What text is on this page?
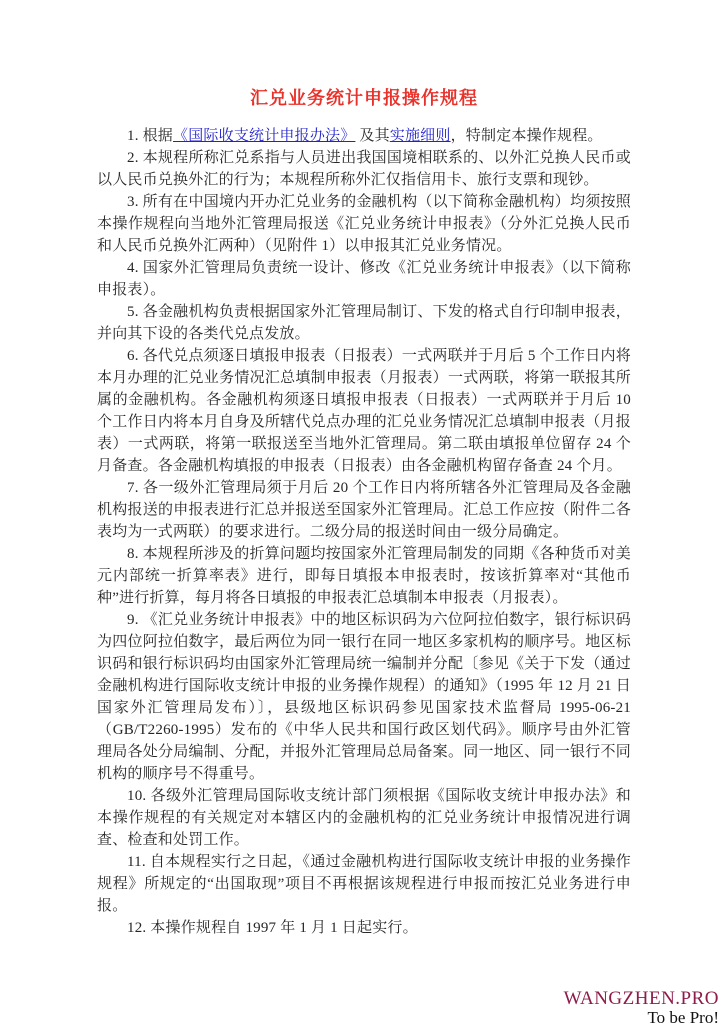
汇兑业务统计申报操作规程

1. 根据《国际收支统计申报办法》 及其实施细则，特制定本操作规程。

2. 本规程所称汇兑系指与人员进出我国国境相联系的、以外汇兑换人民币或以人民币兑换外汇的行为；本规程所称外汇仅指信用卡、旅行支票和现钞。

3. 所有在中国境内开办汇兑业务的金融机构（以下简称金融机构）均须按照本操作规程向当地外汇管理局报送《汇兑业务统计申报表》（分外汇兑换人民币和人民币兑换外汇两种）（见附件 1）以申报其汇兑业务情况。

4. 国家外汇管理局负责统一设计、修改《汇兑业务统计申报表》（以下简称申报表）。

5. 各金融机构负责根据国家外汇管理局制订、下发的格式自行印制申报表，并向其下设的各类代兑点发放。

6. 各代兑点须逐日填报申报表（日报表）一式两联并于月后 5 个工作日内将本月办理的汇兑业务情况汇总填制申报表（月报表）一式两联，将第一联报其所属的金融机构。各金融机构须逐日填报申报表（日报表）一式两联并于月后 10 个工作日内将本月自身及所辖代兑点办理的汇兑业务情况汇总填制申报表（月报表）一式两联，将第一联报送至当地外汇管理局。第二联由填报单位留存 24 个月备查。各金融机构填报的申报表（日报表）由各金融机构留存备查 24 个月。

7. 各一级外汇管理局须于月后 20 个工作日内将所辖各外汇管理局及各金融机构报送的申报表进行汇总并报送至国家外汇管理局。汇总工作应按（附件二各表均为一式两联）的要求进行。二级分局的报送时间由一级分局确定。

8. 本规程所涉及的折算问题均按国家外汇管理局制发的同期《各种货币对美元内部统一折算率表》进行，即每日填报本申报表时，按该折算率对“其他币种”进行折算，每月将各日填报的申报表汇总填制本申报表（月报表）。

9. 《汇兑业务统计申报表》中的地区标识码为六位阿拉伯数字，银行标识码为四位阿拉伯数字，最后两位为同一银行在同一地区多家机构的顺序号。地区标识码和银行标识码均由国家外汇管理局统一编制并分配〔参见《关于下发（通过金融机构进行国际收支统计申报的业务操作规程）的通知》（1995 年 12 月 21 日国家外汇管理局发布）〕，县级地区标识码参见国家技术监督局 1995-06-21（GB/T2260-1995）发布的《中华人民共和国行政区划代码》。顺序号由外汇管理局各处分局编制、分配，并报外汇管理局总局备案。同一地区、同一银行不同机构的顺序号不得重号。

10. 各级外汇管理局国际收支统计部门须根据《国际收支统计申报办法》和本操作规程的有关规定对本辖区内的金融机构的汇兑业务统计申报情况进行调查、检查和处罚工作。

11. 自本规程实行之日起，《通过金融机构进行国际收支统计申报的业务操作规程》所规定的“出国取现”项目不再根据该规程进行申报而按汇兑业务进行申报。

12. 本操作规程自 1997 年 1 月 1 日起实行。

WANGZHEN.PRO
To be Pro!
